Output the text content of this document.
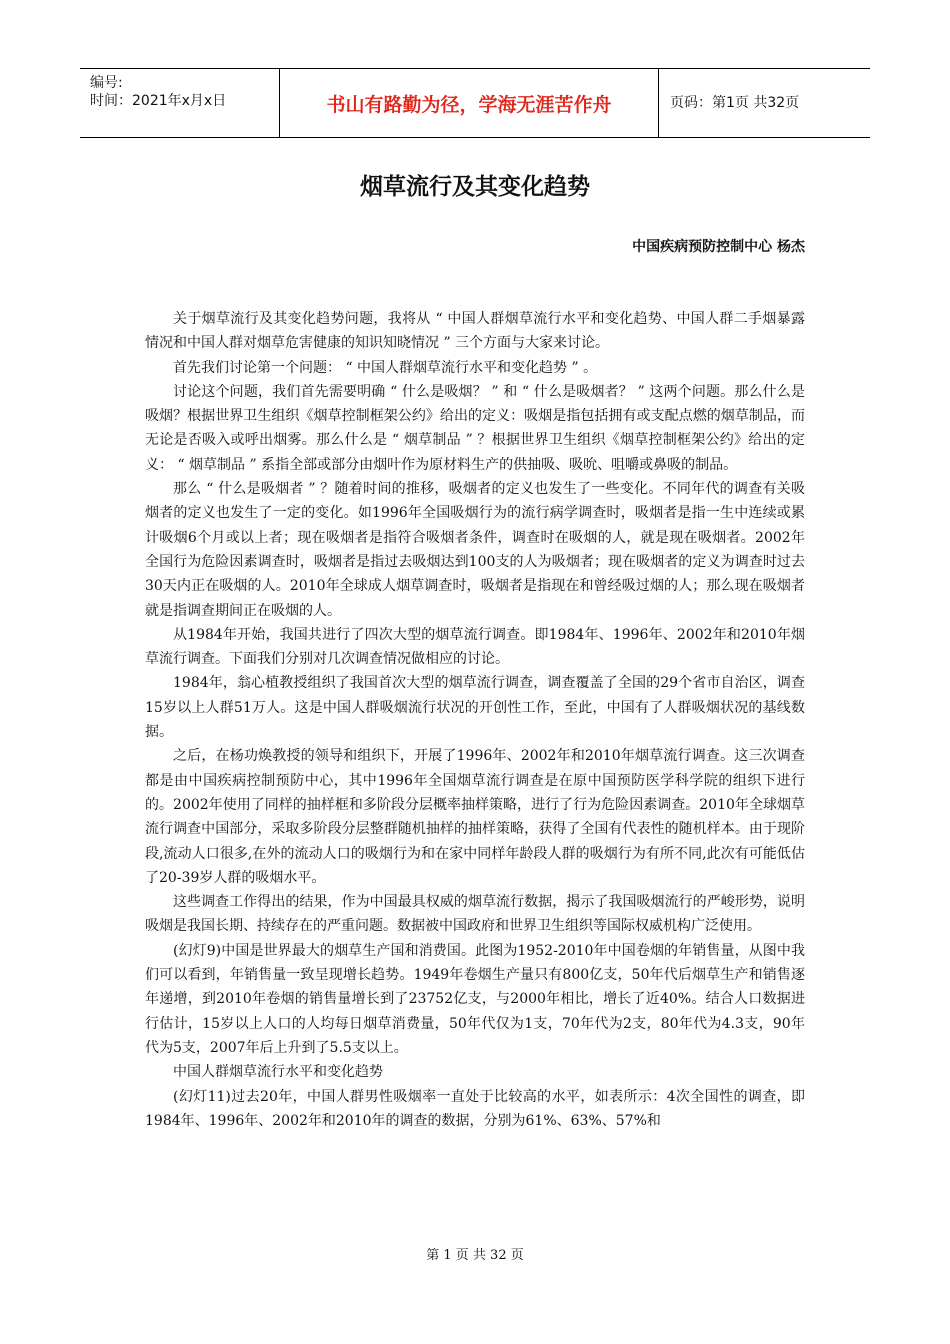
编号:
时间：2021年x月x日	书山有路勤为径，学海无涯苦作舟	页码：第1页 共32页
烟草流行及其变化趋势
中国疾病预防控制中心 杨杰

关于烟草流行及其变化趋势问题，我将从 “ 中国人群烟草流行水平和变化趋势、中国人群二手烟暴露情况和中国人群对烟草危害健康的知识知晓情况 ” 三个方面与大家来讨论。

首先我们讨论第一个问题： “ 中国人群烟草流行水平和变化趋势 ” 。

讨论这个问题，我们首先需要明确 “ 什么是吸烟？ ” 和 “ 什么是吸烟者？ ” 这两个问题。那么什么是吸烟？根据世界卫生组织《烟草控制框架公约》给出的定义：吸烟是指包括拥有或支配点燃的烟草制品，而无论是否吸入或呼出烟雾。那么什么是 “ 烟草制品 ” ？根据世界卫生组织《烟草控制框架公约》给出的定义： “ 烟草制品 ” 系指全部或部分由烟叶作为原材料生产的供抽吸、吸吮、咀嚼或鼻吸的制品。

那么 “ 什么是吸烟者 ” ？随着时间的推移，吸烟者的定义也发生了一些变化。不同年代的调查有关吸烟者的定义也发生了一定的变化。如1996年全国吸烟行为的流行病学调查时，吸烟者是指一生中连续或累计吸烟6个月或以上者；现在吸烟者是指符合吸烟者条件，调查时在吸烟的人，就是现在吸烟者。2002年全国行为危险因素调查时，吸烟者是指过去吸烟达到100支的人为吸烟者；现在吸烟者的定义为调查时过去30天内正在吸烟的人。2010年全球成人烟草调查时，吸烟者是指现在和曾经吸过烟的人；那么现在吸烟者就是指调查期间正在吸烟的人。

从1984年开始，我国共进行了四次大型的烟草流行调查。即1984年、1996年、2002年和2010年烟草流行调查。下面我们分别对几次调查情况做相应的讨论。

1984年，翁心植教授组织了我国首次大型的烟草流行调查，调查覆盖了全国的29个省市自治区，调查15岁以上人群51万人。这是中国人群吸烟流行状况的开创性工作，至此，中国有了人群吸烟状况的基线数据。

之后，在杨功焕教授的领导和组织下，开展了1996年、2002年和2010年烟草流行调查。这三次调查都是由中国疾病控制预防中心，其中1996年全国烟草流行调查是在原中国预防医学科学院的组织下进行的。2002年使用了同样的抽样框和多阶段分层概率抽样策略，进行了行为危险因素调查。2010年全球烟草流行调查中国部分，采取多阶段分层整群随机抽样的抽样策略，获得了全国有代表性的随机样本。由于现阶段,流动人口很多,在外的流动人口的吸烟行为和在家中同样年龄段人群的吸烟行为有所不同,此次有可能低估了20-39岁人群的吸烟水平。

这些调查工作得出的结果，作为中国最具权威的烟草流行数据，揭示了我国吸烟流行的严峻形势，说明吸烟是我国长期、持续存在的严重问题。数据被中国政府和世界卫生组织等国际权威机构广泛使用。

(幻灯9)中国是世界最大的烟草生产国和消费国。此图为1952-2010年中国卷烟的年销售量，从图中我们可以看到，年销售量一致呈现增长趋势。1949年卷烟生产量只有800亿支，50年代后烟草生产和销售逐年递增，到2010年卷烟的销售量增长到了23752亿支，与2000年相比，增长了近40%。结合人口数据进行估计，15岁以上人口的人均每日烟草消费量，50年代仅为1支，70年代为2支，80年代为4.3支，90年代为5支，2007年后上升到了5.5支以上。

中国人群烟草流行水平和变化趋势

(幻灯11)过去20年，中国人群男性吸烟率一直处于比较高的水平，如表所示：4次全国性的调查，即1984年、1996年、2002年和2010年的调查的数据，分别为61%、63%、57%和

第 1 页 共 32 页
